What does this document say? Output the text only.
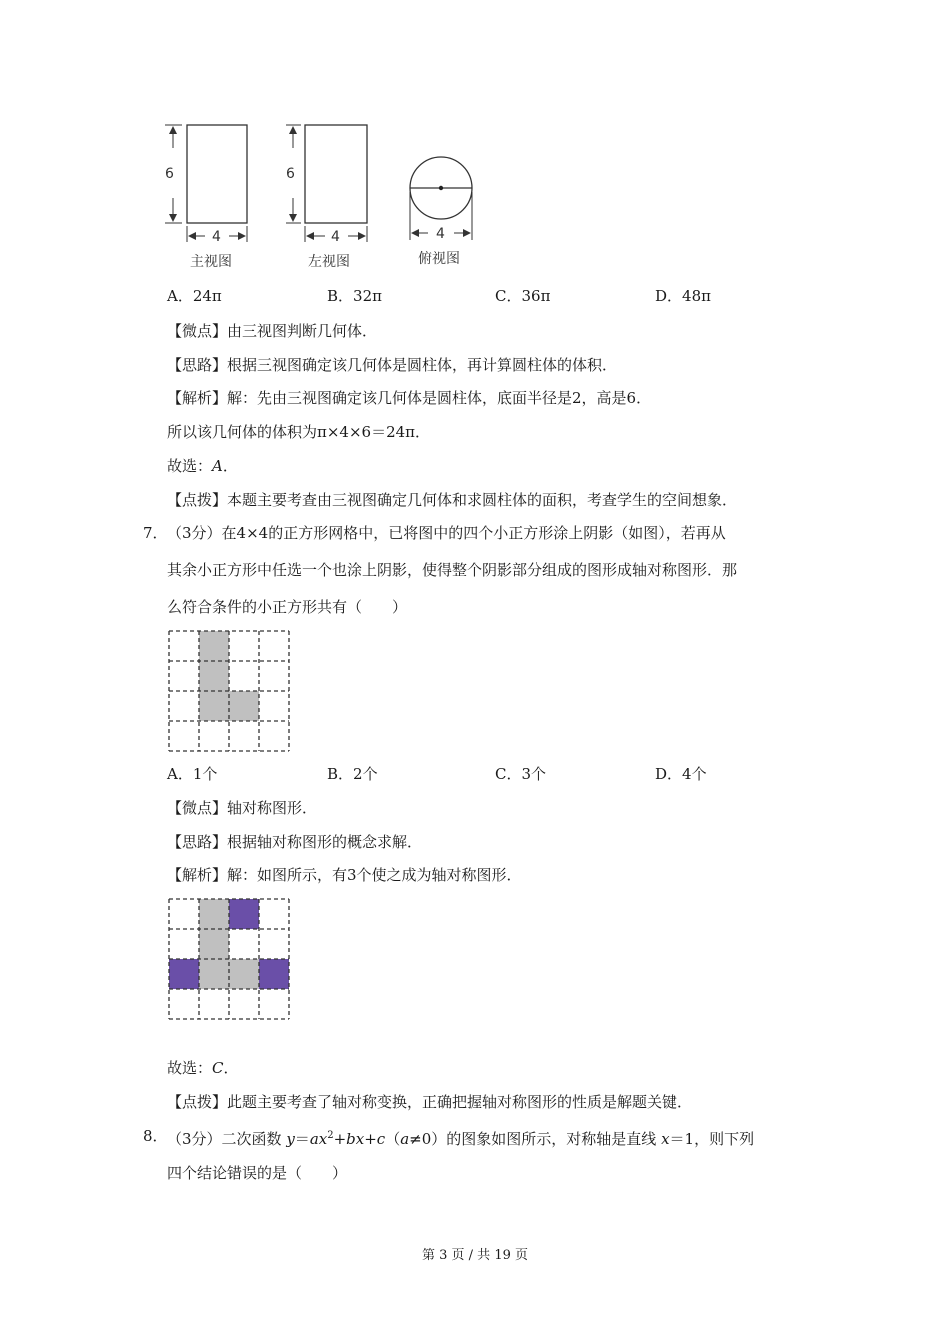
6
4
主视图
6
4
左视图
4
俯视图
A．24π	B．32π	C．36π	D．48π
【微点】由三视图判断几何体．
【思路】根据三视图确定该几何体是圆柱体，再计算圆柱体的体积．
【解析】解：先由三视图确定该几何体是圆柱体，底面半径是2，高是6．
所以该几何体的体积为π×4×6＝24π．
故选：A．
【点拨】本题主要考查由三视图确定几何体和求圆柱体的面积，考查学生的空间想象．
7． （3分）在4×4的正方形网格中，已将图中的四个小正方形涂上阴影（如图），若再从
其余小正方形中任选一个也涂上阴影，使得整个阴影部分组成的图形成轴对称图形．那
么符合条件的小正方形共有（　　）
A．1个	B．2个	C．3个	D．4个
【微点】轴对称图形．
【思路】根据轴对称图形的概念求解．
【解析】解：如图所示，有3个使之成为轴对称图形．
故选：C．
【点拨】此题主要考查了轴对称变换，正确把握轴对称图形的性质是解题关键．
8． （3分）二次函数 $y=ax^2+bx+c(a\ne 0)$的图象如图所示，对称轴是直线 x＝1，则下列
四个结论错误的是（　　）
第 3 页 / 共 19 页
